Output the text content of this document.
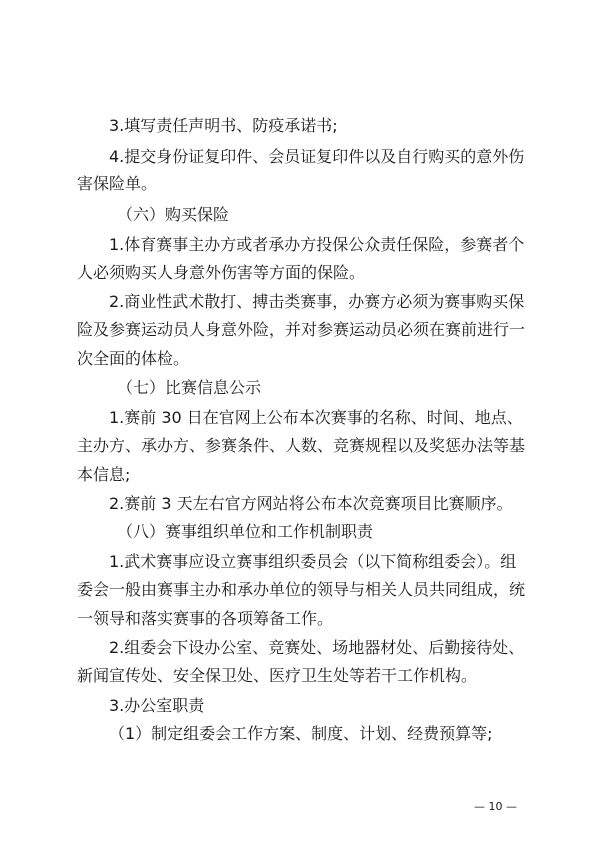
3.填写责任声明书、防疫承诺书;
4.提交身份证复印件、会员证复印件以及自行购买的意外伤
害保险单。
（六）购买保险
1.体育赛事主办方或者承办方投保公众责任保险，参赛者个
人必须购买人身意外伤害等方面的保险。
2.商业性武术散打、搏击类赛事，办赛方必须为赛事购买保
险及参赛运动员人身意外险，并对参赛运动员必须在赛前进行一
次全面的体检。
（七）比赛信息公示
1.赛前 30 日在官网上公布本次赛事的名称、时间、地点、
主办方、承办方、参赛条件、人数、竞赛规程以及奖惩办法等基
本信息;
2.赛前 3 天左右官方网站将公布本次竞赛项目比赛顺序。
（八）赛事组织单位和工作机制职责
1.武术赛事应设立赛事组织委员会（以下简称组委会）。组
委会一般由赛事主办和承办单位的领导与相关人员共同组成，统
一领导和落实赛事的各项筹备工作。
2.组委会下设办公室、竞赛处、场地器材处、后勤接待处、
新闻宣传处、安全保卫处、医疗卫生处等若干工作机构。
3.办公室职责
（1）制定组委会工作方案、制度、计划、经费预算等;
— 10 —
